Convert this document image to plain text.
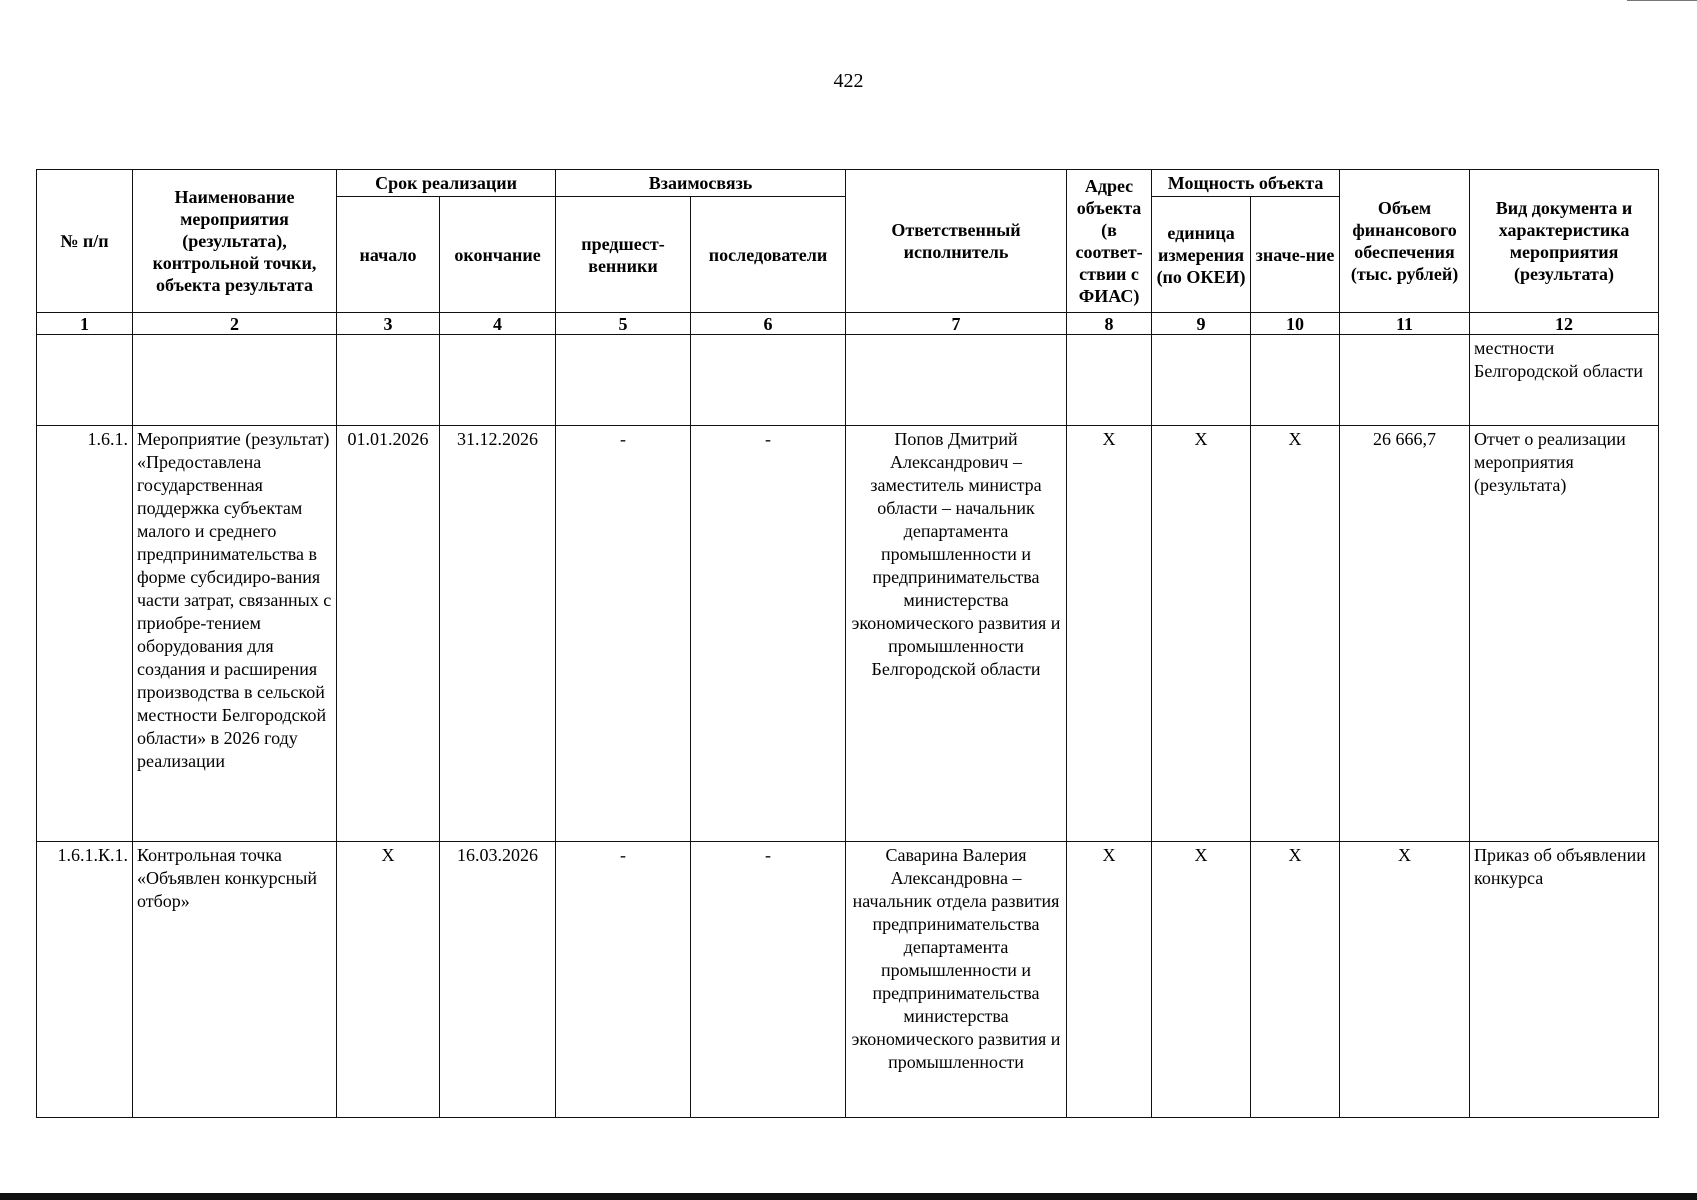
422
№ п/п	Наименование мероприятия (результата), контрольной точки, объекта результата	Срок реализации		Взаимосвязь		Ответственный исполнитель	Адрес объекта (в соответ-ствии с ФИАС)	Мощность объекта		Объем финансового обеспечения (тыс. рублей)	Вид документа и характеристика мероприятия (результата)
		начало	окончание	предшест-венники	последователи			единица измерения (по ОКЕИ)	значе-ние		
1	2	3	4	5	6	7	8	9	10	11	12
											местности Белгородской области
1.6.1.	Мероприятие (результат) «Предоставлена государственная поддержка субъектам малого и среднего предпринимательства в форме субсидиро-вания части затрат, связанных с приобре-тением оборудования для создания и расширения производства в сельской местности Белгородской области» в 2026 году реализации	01.01.2026	31.12.2026	-	-	Попов Дмитрий Александрович – заместитель министра области – начальник департамента промышленности и предпринимательства министерства экономического развития и промышленности Белгородской области	X	X	X	26 666,7	Отчет о реализации мероприятия (результата)
1.6.1.К.1.	Контрольная точка «Объявлен конкурсный отбор»	X	16.03.2026	-	-	Саварина Валерия Александровна – начальник отдела развития предпринимательства департамента промышленности и предпринимательства министерства экономического развития и промышленности	X	X	X	X	Приказ об объявлении конкурса
